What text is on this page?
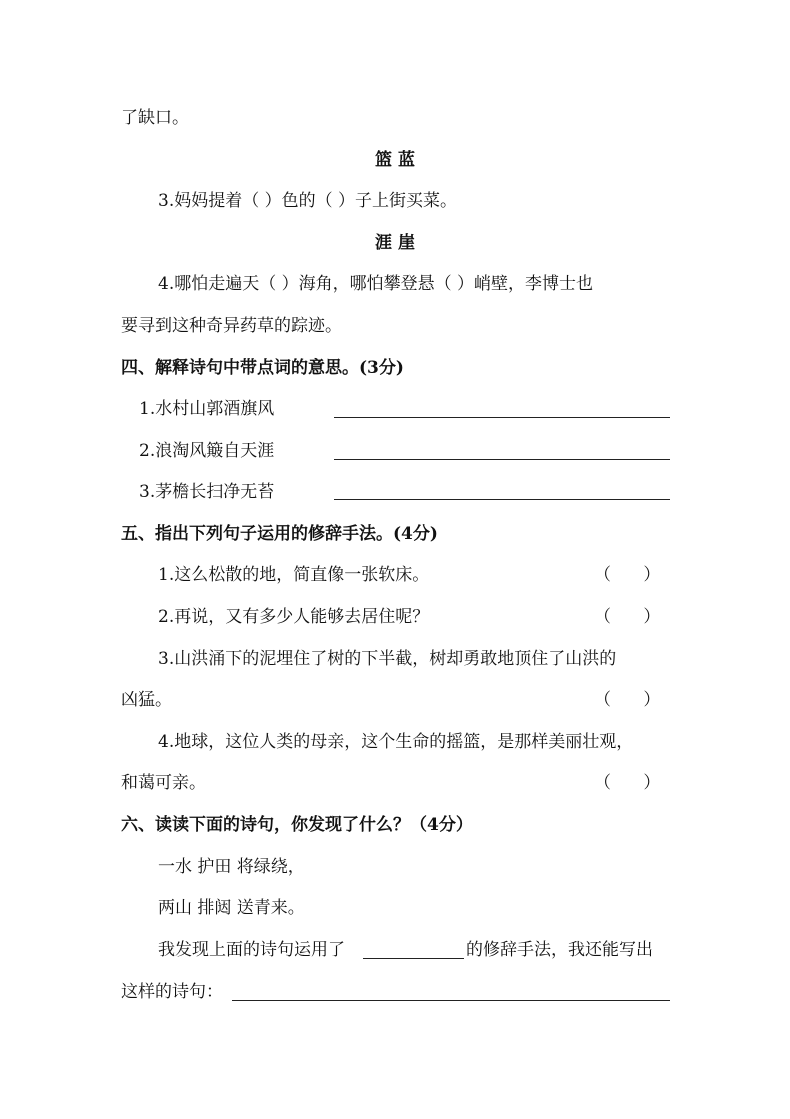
了缺口。
篮 蓝
3.妈妈提着（ ）色的（ ）子上街买菜。
涯 崖
4.哪怕走遍天（ ）海角，哪怕攀登悬（ ）峭壁，李博士也
要寻到这种奇异药草的踪迹。
四、解释诗句中带点词的意思。(3分)
1.水村山郭酒旗风
2.浪淘风簸自天涯
3.茅檐长扫净无苔
五、指出下列句子运用的修辞手法。(4分)
1.这么松散的地，简直像一张软床。	（      ）
2.再说，又有多少人能够去居住呢？	（      ）
3.山洪涌下的泥埋住了树的下半截，树却勇敢地顶住了山洪的
凶猛。	（      ）
4.地球，这位人类的母亲，这个生命的摇篮，是那样美丽壮观，
和蔼可亲。	（      ）
六、读读下面的诗句，你发现了什么？（4分）
一水 护田 将绿绕，
两山 排闼 送青来。
我发现上面的诗句运用了	的修辞手法，我还能写出
这样的诗句：
